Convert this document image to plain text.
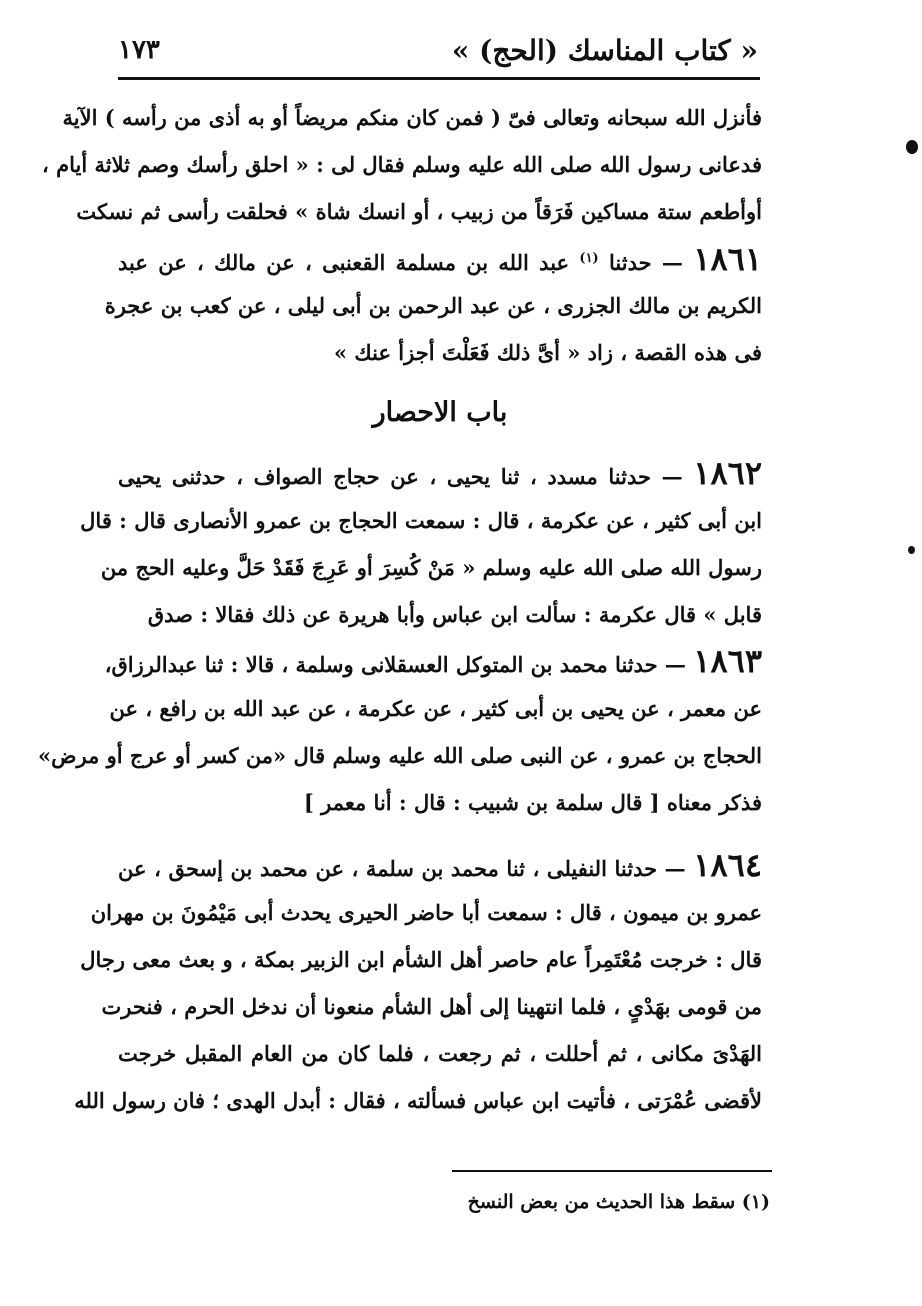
١٧٣	« كتاب المناسك (الحج) »
فأنزل الله سبحانه وتعالى فىّ ( فمن كان منكم مريضاً أو به أذى من رأسه ) الآية
فدعانى رسول الله صلى الله عليه وسلم فقال لى : « احلق رأسك وصم ثلاثة أيام ،
أوأطعم ستة مساكين فَرَقاً من زبيب ، أو انسك شاة » فحلقت رأسى ثم نسكت
١٨٦١ — حدثنا $^{(١)}$ عبد الله بن مسلمة القعنبى ، عن مالك ، عن عبد
الكريم بن مالك الجزرى ، عن عبد الرحمن بن أبى ليلى ، عن كعب بن عجرة
فى هذه القصة ، زاد « أىَّ ذلك فَعَلْتَ أجزأ عنك »
باب الاحصار
١٨٦٢ — حدثنا مسدد ، ثنا يحيى ، عن حجاج الصواف ، حدثنى يحيى
ابن أبى كثير ، عن عكرمة ، قال : سمعت الحجاج بن عمرو الأنصارى قال : قال
رسول الله صلى الله عليه وسلم « مَنْ كُسِرَ أو عَرِجَ فَقَدْ حَلَّ وعليه الحج من
قابل » قال عكرمة : سألت ابن عباس وأبا هريرة عن ذلك فقالا : صدق
١٨٦٣ — حدثنا محمد بن المتوكل العسقلانى وسلمة ، قالا : ثنا عبدالرزاق،
عن معمر ، عن يحيى بن أبى كثير ، عن عكرمة ، عن عبد الله بن رافع ، عن
الحجاج بن عمرو ، عن النبى صلى الله عليه وسلم قال «من كسر أو عرج أو مرض»
فذكر معناه [ قال سلمة بن شبيب : قال : أنا معمر ]
١٨٦٤ — حدثنا النفيلى ، ثنا محمد بن سلمة ، عن محمد بن إسحق ، عن
عمرو بن ميمون ، قال : سمعت أبا حاضر الحيرى يحدث أبى مَيْمُونَ بن مهران
قال : خرجت مُعْتَمِراً عام حاصر أهل الشأم ابن الزبير بمكة ، و بعث معى رجال
من قومى بهَدْىٍ ، فلما انتهينا إلى أهل الشأم منعونا أن ندخل الحرم ، فنحرت
الهَدْىَ مكانى ، ثم أحللت ، ثم رجعت ، فلما كان من العام المقبل خرجت
لأقضى عُمْرَتى ، فأتيت ابن عباس فسألته ، فقال : أبدل الهدى ؛ فان رسول الله
(١) سقط هذا الحديث من بعض النسخ
